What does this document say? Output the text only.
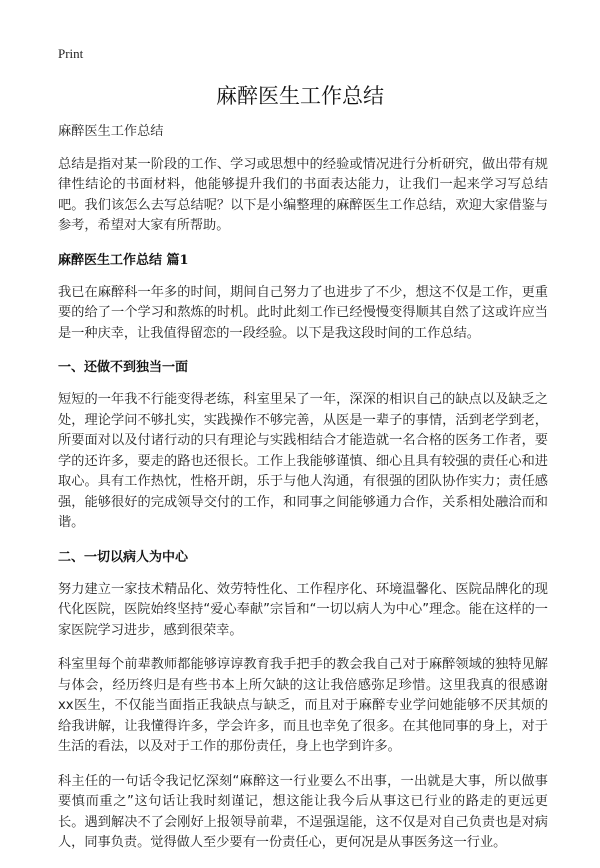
Print
麻醉医生工作总结

麻醉医生工作总结

总结是指对某一阶段的工作、学习或思想中的经验或情况进行分析研究，做出带有规律性结论的书面材料，他能够提升我们的书面表达能力，让我们一起来学习写总结吧。我们该怎么去写总结呢？以下是小编整理的麻醉医生工作总结，欢迎大家借鉴与参考，希望对大家有所帮助。

麻醉医生工作总结 篇1

我已在麻醉科一年多的时间，期间自己努力了也进步了不少，想这不仅是工作，更重要的给了一个学习和熬炼的时机。此时此刻工作已经慢慢变得顺其自然了这或许应当是一种庆幸，让我值得留恋的一段经验。以下是我这段时间的工作总结。

一、还做不到独当一面

短短的一年我不行能变得老练，科室里呆了一年，深深的相识自己的缺点以及缺乏之处，理论学问不够扎实，实践操作不够完善，从医是一辈子的事情，活到老学到老，所要面对以及付诸行动的只有理论与实践相结合才能造就一名合格的医务工作者，要学的还许多，要走的路也还很长。工作上我能够谨慎、细心且具有较强的责任心和进取心。具有工作热忱，性格开朗，乐于与他人沟通，有很强的团队协作实力；责任感强，能够很好的完成领导交付的工作，和同事之间能够通力合作，关系相处融洽而和谐。

二、一切以病人为中心

努力建立一家技术精品化、效劳特性化、工作程序化、环境温馨化、医院品牌化的现代化医院，医院始终坚持“爱心奉献”宗旨和“一切以病人为中心”理念。能在这样的一家医院学习进步，感到很荣幸。

科室里每个前辈教师都能够谆谆教育我手把手的教会我自己对于麻醉领域的独特见解与体会，经历终归是有些书本上所欠缺的这让我倍感弥足珍惜。这里我真的很感谢xx医生，不仅能当面指正我缺点与缺乏，而且对于麻醉专业学问她能够不厌其烦的给我讲解，让我懂得许多，学会许多，而且也幸免了很多。在其他同事的身上，对于生活的看法，以及对于工作的那份责任，身上也学到许多。

科主任的一句话令我记忆深刻“麻醉这一行业要么不出事，一出就是大事，所以做事要慎而重之”这句话让我时刻谨记，想这能让我今后从事这已行业的路走的更远更长。遇到解决不了会刚好上报领导前辈，不逞强逞能，这不仅是对自己负责也是对病人，同事负责。觉得做人至少要有一份责任心，更何况是从事医务这一行业。
